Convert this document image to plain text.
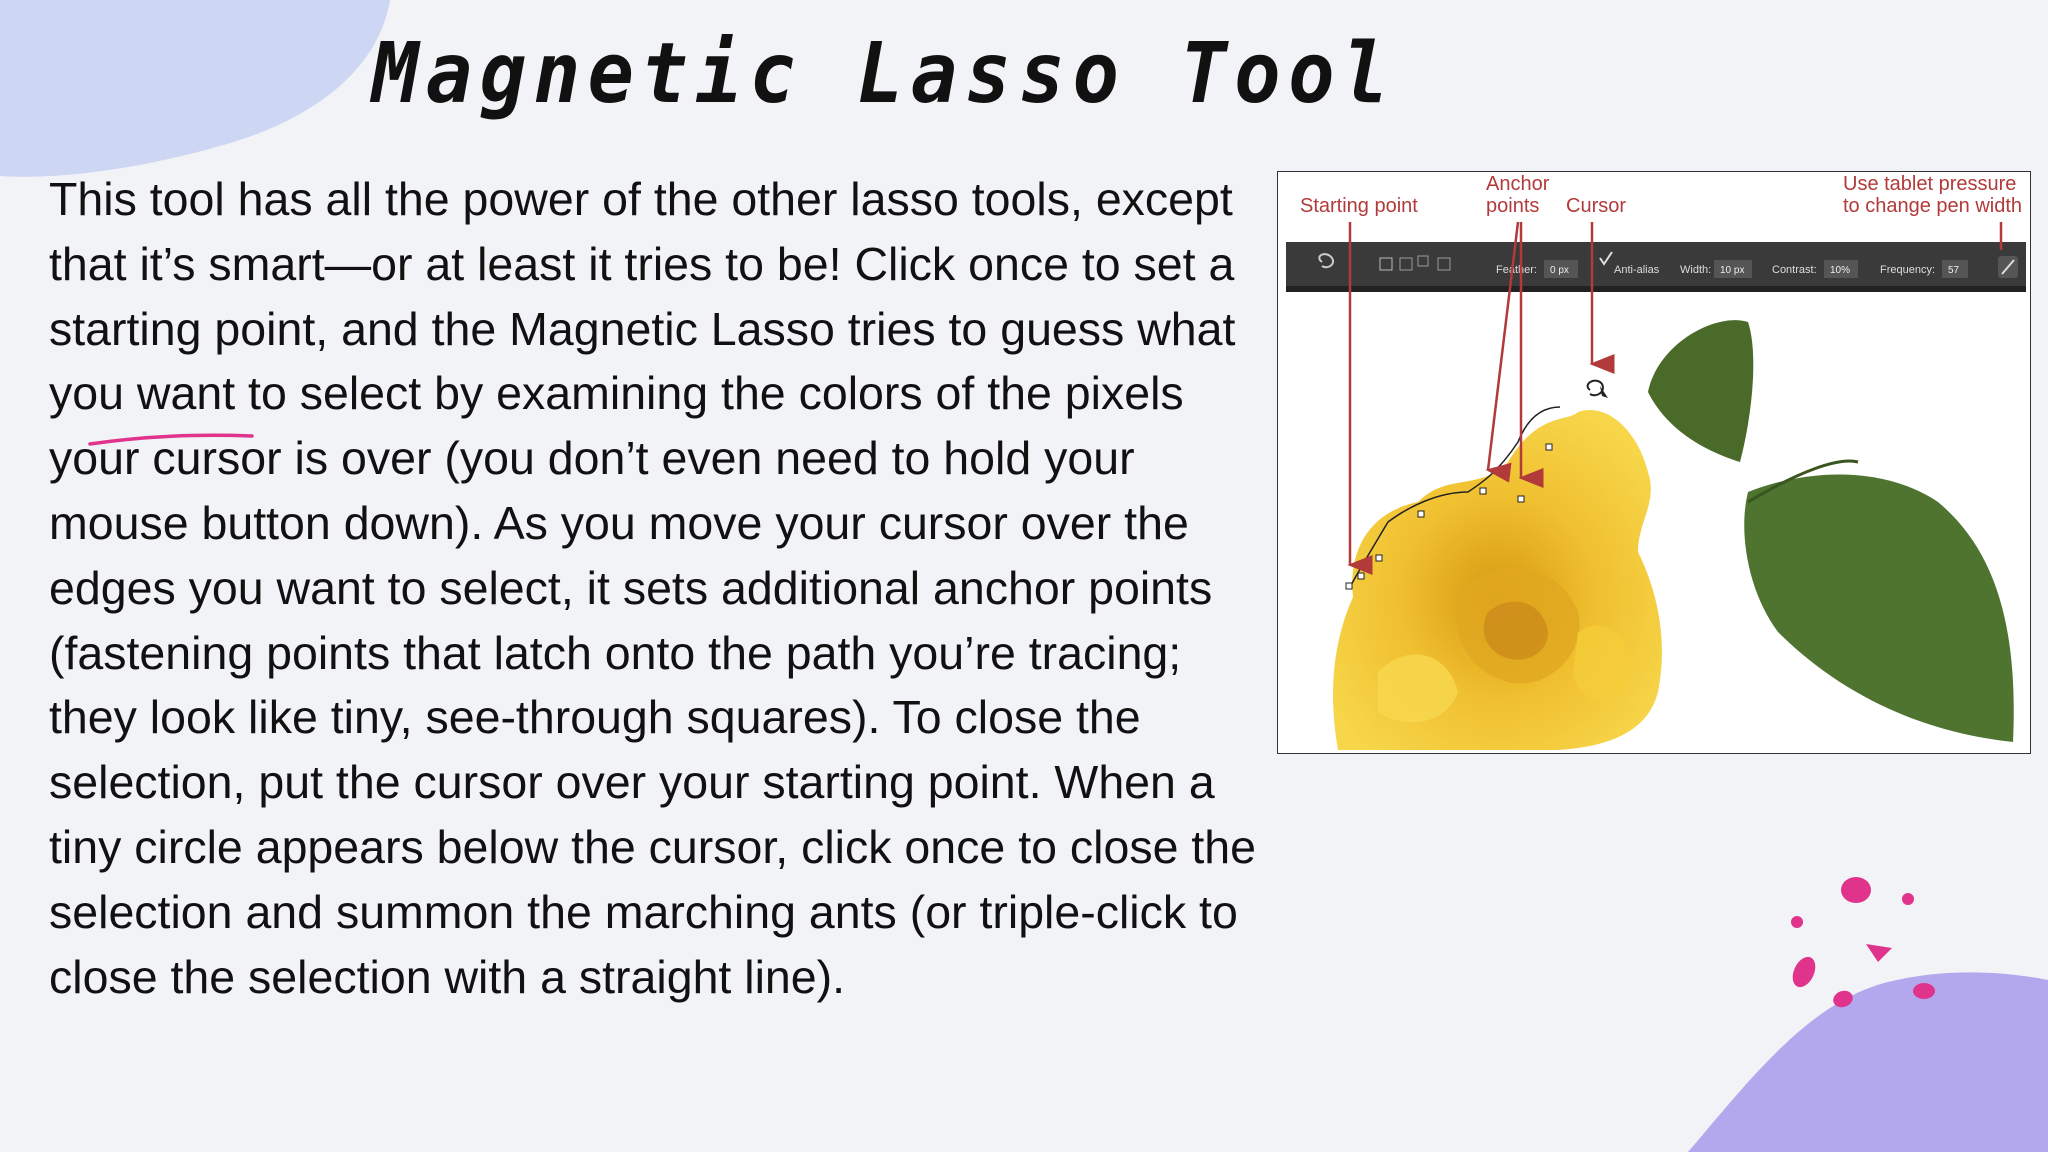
Magnetic Lasso Tool

This tool has all the power of the other lasso tools, except that it’s smart—or at least it tries to be! Click once to set a starting point, and the Magnetic Lasso tries to guess what you want to select by examining the colors of the pixels your cursor is over (you don’t even need to hold your mouse button down). As you move your cursor over the edges you want to select, it sets additional anchor points (fastening points that latch onto the path you’re tracing; they look like tiny, see-through squares). To close the selection, put the cursor over your starting point. When a tiny circle appears below the cursor, click once to close the selection and summon the marching ants (or triple-click to close the selection with a straight line).

Starting point
Anchor
points Cursor
Use tablet pressure
to change pen width
Feather: 0 px	Anti-alias Width: 10 px	Contrast: 10%	Frequency: 57
